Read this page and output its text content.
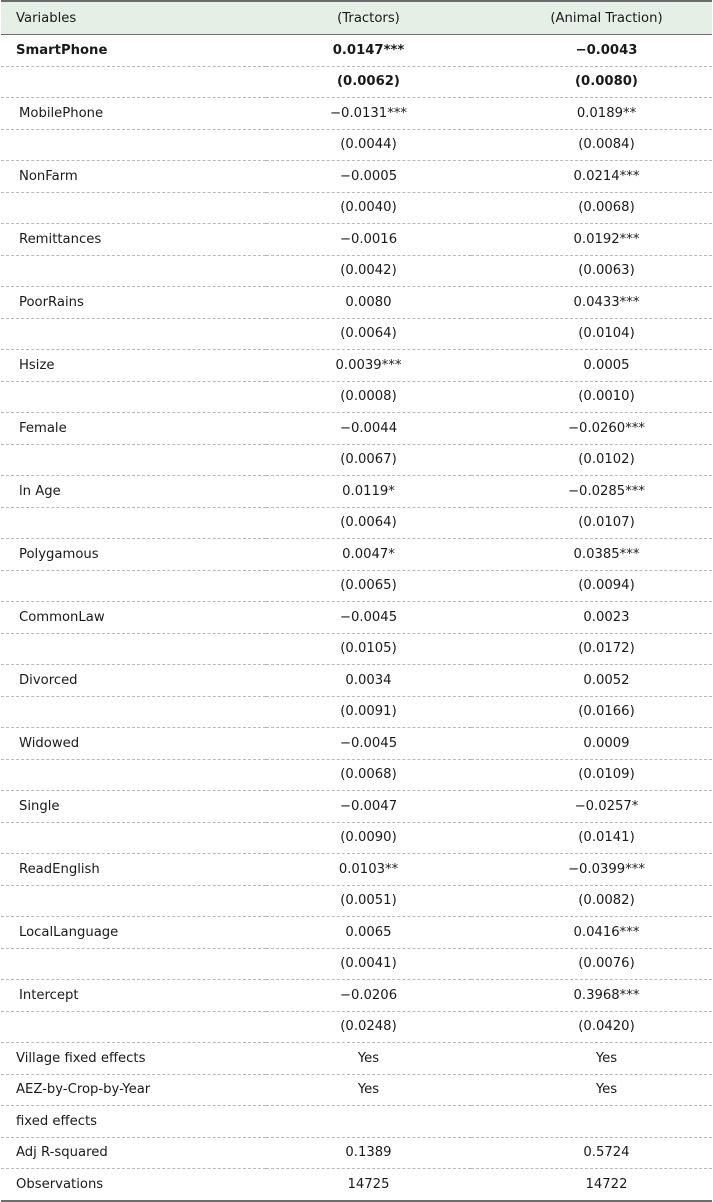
Variables	(Tractors)	(Animal Traction)
SmartPhone	0.0147***	−0.0043
	(0.0062)	(0.0080)
MobilePhone	−0.0131***	0.0189**
	(0.0044)	(0.0084)
NonFarm	−0.0005	0.0214***
	(0.0040)	(0.0068)
Remittances	−0.0016	0.0192***
	(0.0042)	(0.0063)
PoorRains	0.0080	0.0433***
	(0.0064)	(0.0104)
Hsize	0.0039***	0.0005
	(0.0008)	(0.0010)
Female	−0.0044	−0.0260***
	(0.0067)	(0.0102)
ln Age	0.0119*	−0.0285***
	(0.0064)	(0.0107)
Polygamous	0.0047*	0.0385***
	(0.0065)	(0.0094)
CommonLaw	−0.0045	0.0023
	(0.0105)	(0.0172)
Divorced	0.0034	0.0052
	(0.0091)	(0.0166)
Widowed	−0.0045	0.0009
	(0.0068)	(0.0109)
Single	−0.0047	−0.0257*
	(0.0090)	(0.0141)
ReadEnglish	0.0103**	−0.0399***
	(0.0051)	(0.0082)
LocalLanguage	0.0065	0.0416***
	(0.0041)	(0.0076)
Intercept	−0.0206	0.3968***
	(0.0248)	(0.0420)
Village fixed effects	Yes	Yes
AEZ-by-Crop-by-Year	Yes	Yes
fixed effects		
Adj R-squared	0.1389	0.5724
Observations	14725	14722
